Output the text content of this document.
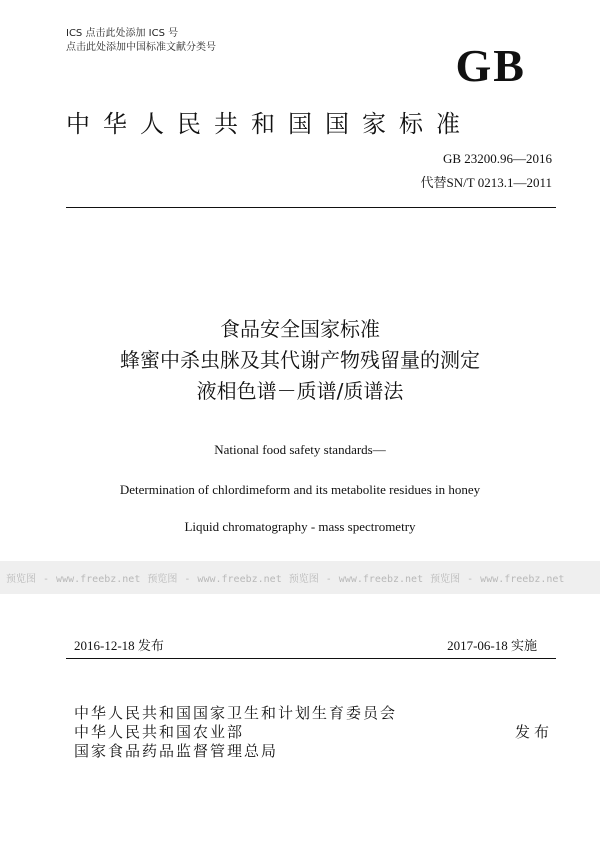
ICS 点击此处添加 ICS 号
点击此处添加中国标准文献分类号	GB
中华人民共和国国家标准
GB 23200.96—2016
代替SN/T 0213.1—2011
食品安全国家标准
蜂蜜中杀虫脒及其代谢产物残留量的测定
液相色谱－质谱/质谱法
National food safety standards—
Determination of chlordimeform and its metabolite residues in honey
Liquid chromatography - mass spectrometry
预览图 - www.freebz.net 预览图 - www.freebz.net 预览图 - www.freebz.net 预览图 - www.freebz.net
2016-12-18 发布	2017-06-18 实施
中华人民共和国国家卫生和计划生育委员会
中华人民共和国农业部
国家食品药品监督管理总局
发布
